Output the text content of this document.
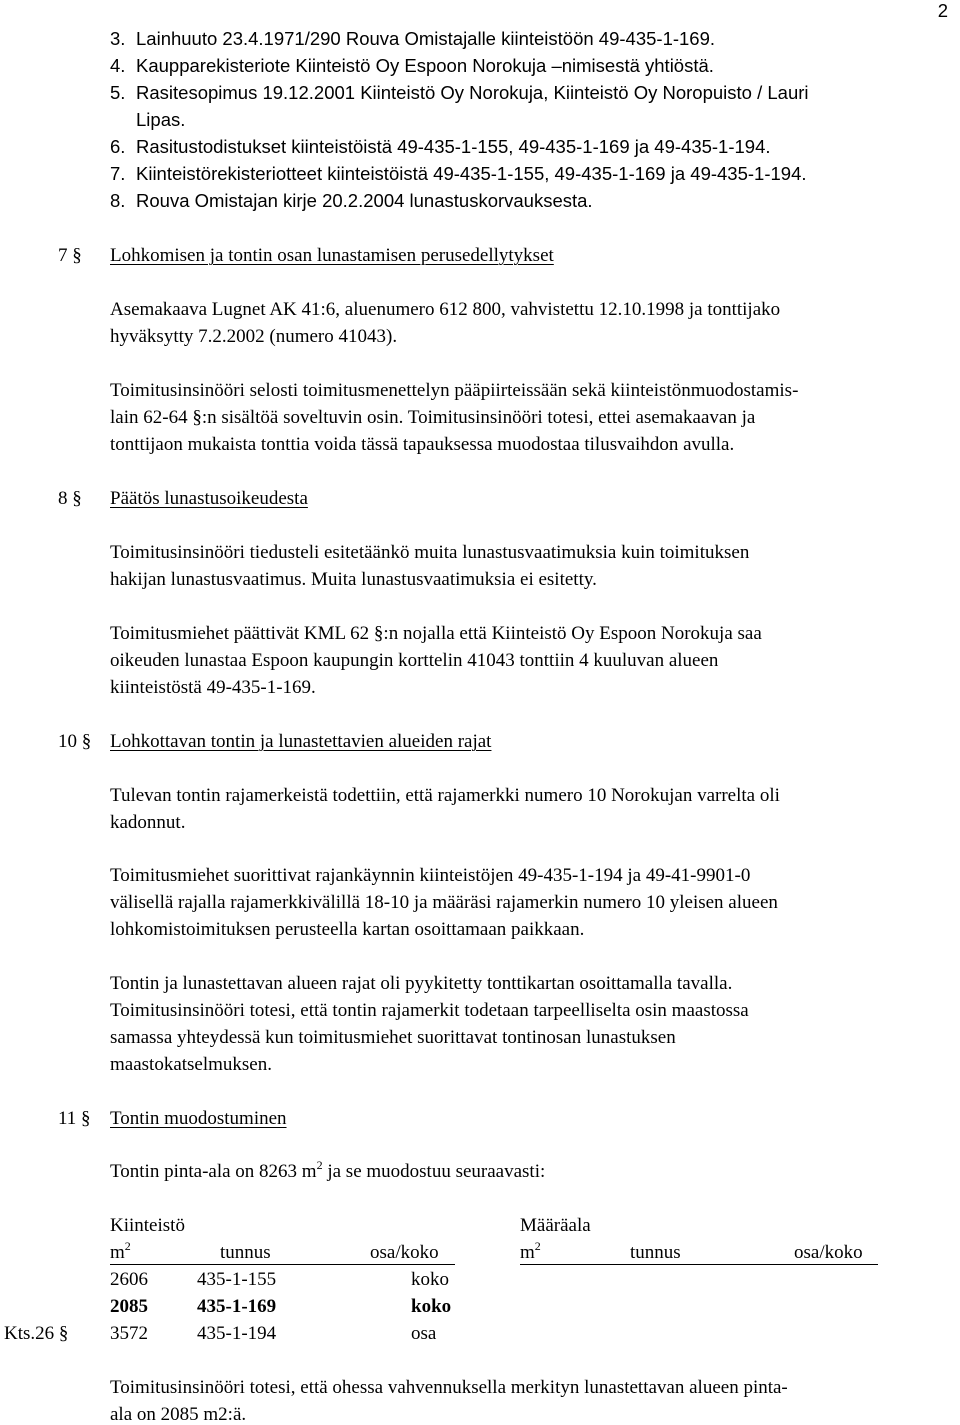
2
3. Lainhuuto 23.4.1971/290 Rouva Omistajalle kiinteistöön 49-435-1-169.
4. Kaupparekisteriote Kiinteistö Oy Espoon Norokuja –nimisestä yhtiöstä.
5. Rasitesopimus 19.12.2001 Kiinteistö Oy Norokuja, Kiinteistö Oy Noropuisto / Lauri
Lipas.
6. Rasitustodistukset kiinteistöistä 49-435-1-155, 49-435-1-169 ja 49-435-1-194.
7. Kiinteistörekisteriotteet kiinteistöistä 49-435-1-155, 49-435-1-169 ja 49-435-1-194.
8. Rouva Omistajan kirje 20.2.2004 lunastuskorvauksesta.
7 § Lohkomisen ja tontin osan lunastamisen perusedellytykset
Asemakaava Lugnet AK 41:6, aluenumero 612 800, vahvistettu 12.10.1998 ja tonttijako
hyväksytty 7.2.2002 (numero 41043).
Toimitusinsinööri selosti toimitusmenettelyn pääpiirteissään sekä kiinteistönmuodostamis-
lain 62-64 §:n sisältöä soveltuvin osin. Toimitusinsinööri totesi, ettei asemakaavan ja
tonttijaon mukaista tonttia voida tässä tapauksessa muodostaa tilusvaihdon avulla.
8 § Päätös lunastusoikeudesta
Toimitusinsinööri tiedusteli esitetäänkö muita lunastusvaatimuksia kuin toimituksen
hakijan lunastusvaatimus. Muita lunastusvaatimuksia ei esitetty.
Toimitusmiehet päättivät KML 62 §:n nojalla että Kiinteistö Oy Espoon Norokuja saa
oikeuden lunastaa Espoon kaupungin korttelin 41043 tonttiin 4 kuuluvan alueen
kiinteistöstä 49-435-1-169.
10 § Lohkottavan tontin ja lunastettavien alueiden rajat
Tulevan tontin rajamerkeistä todettiin, että rajamerkki numero 10 Norokujan varrelta oli
kadonnut.
Toimitusmiehet suorittivat rajankäynnin kiinteistöjen 49-435-1-194 ja 49-41-9901-0
välisellä rajalla rajamerkkivälillä 18-10 ja määräsi rajamerkin numero 10 yleisen alueen
lohkomistoimituksen perusteella kartan osoittamaan paikkaan.
Tontin ja lunastettavan alueen rajat oli pyykitetty tonttikartan osoittamalla tavalla.
Toimitusinsinööri totesi, että tontin rajamerkit todetaan tarpeelliselta osin maastossa
samassa yhteydessä kun toimitusmiehet suorittavat tontinosan lunastuksen
maastokatselmuksen.
11 § Tontin muodostuminen
Tontin pinta-ala on 8263 $m^2$ ja se muodostuu seuraavasti:
Kiinteistö	Määräala
$m^2$	tunnus	osa/koko	$m^2$	tunnus	osa/koko
2606	435-1-155	koko
2085	435-1-169	koko
Kts.26 § 3572	435-1-194	osa
Toimitusinsinööri totesi, että ohessa vahvennuksella merkityn lunastettavan alueen pinta-
ala on 2085 m2:ä.
